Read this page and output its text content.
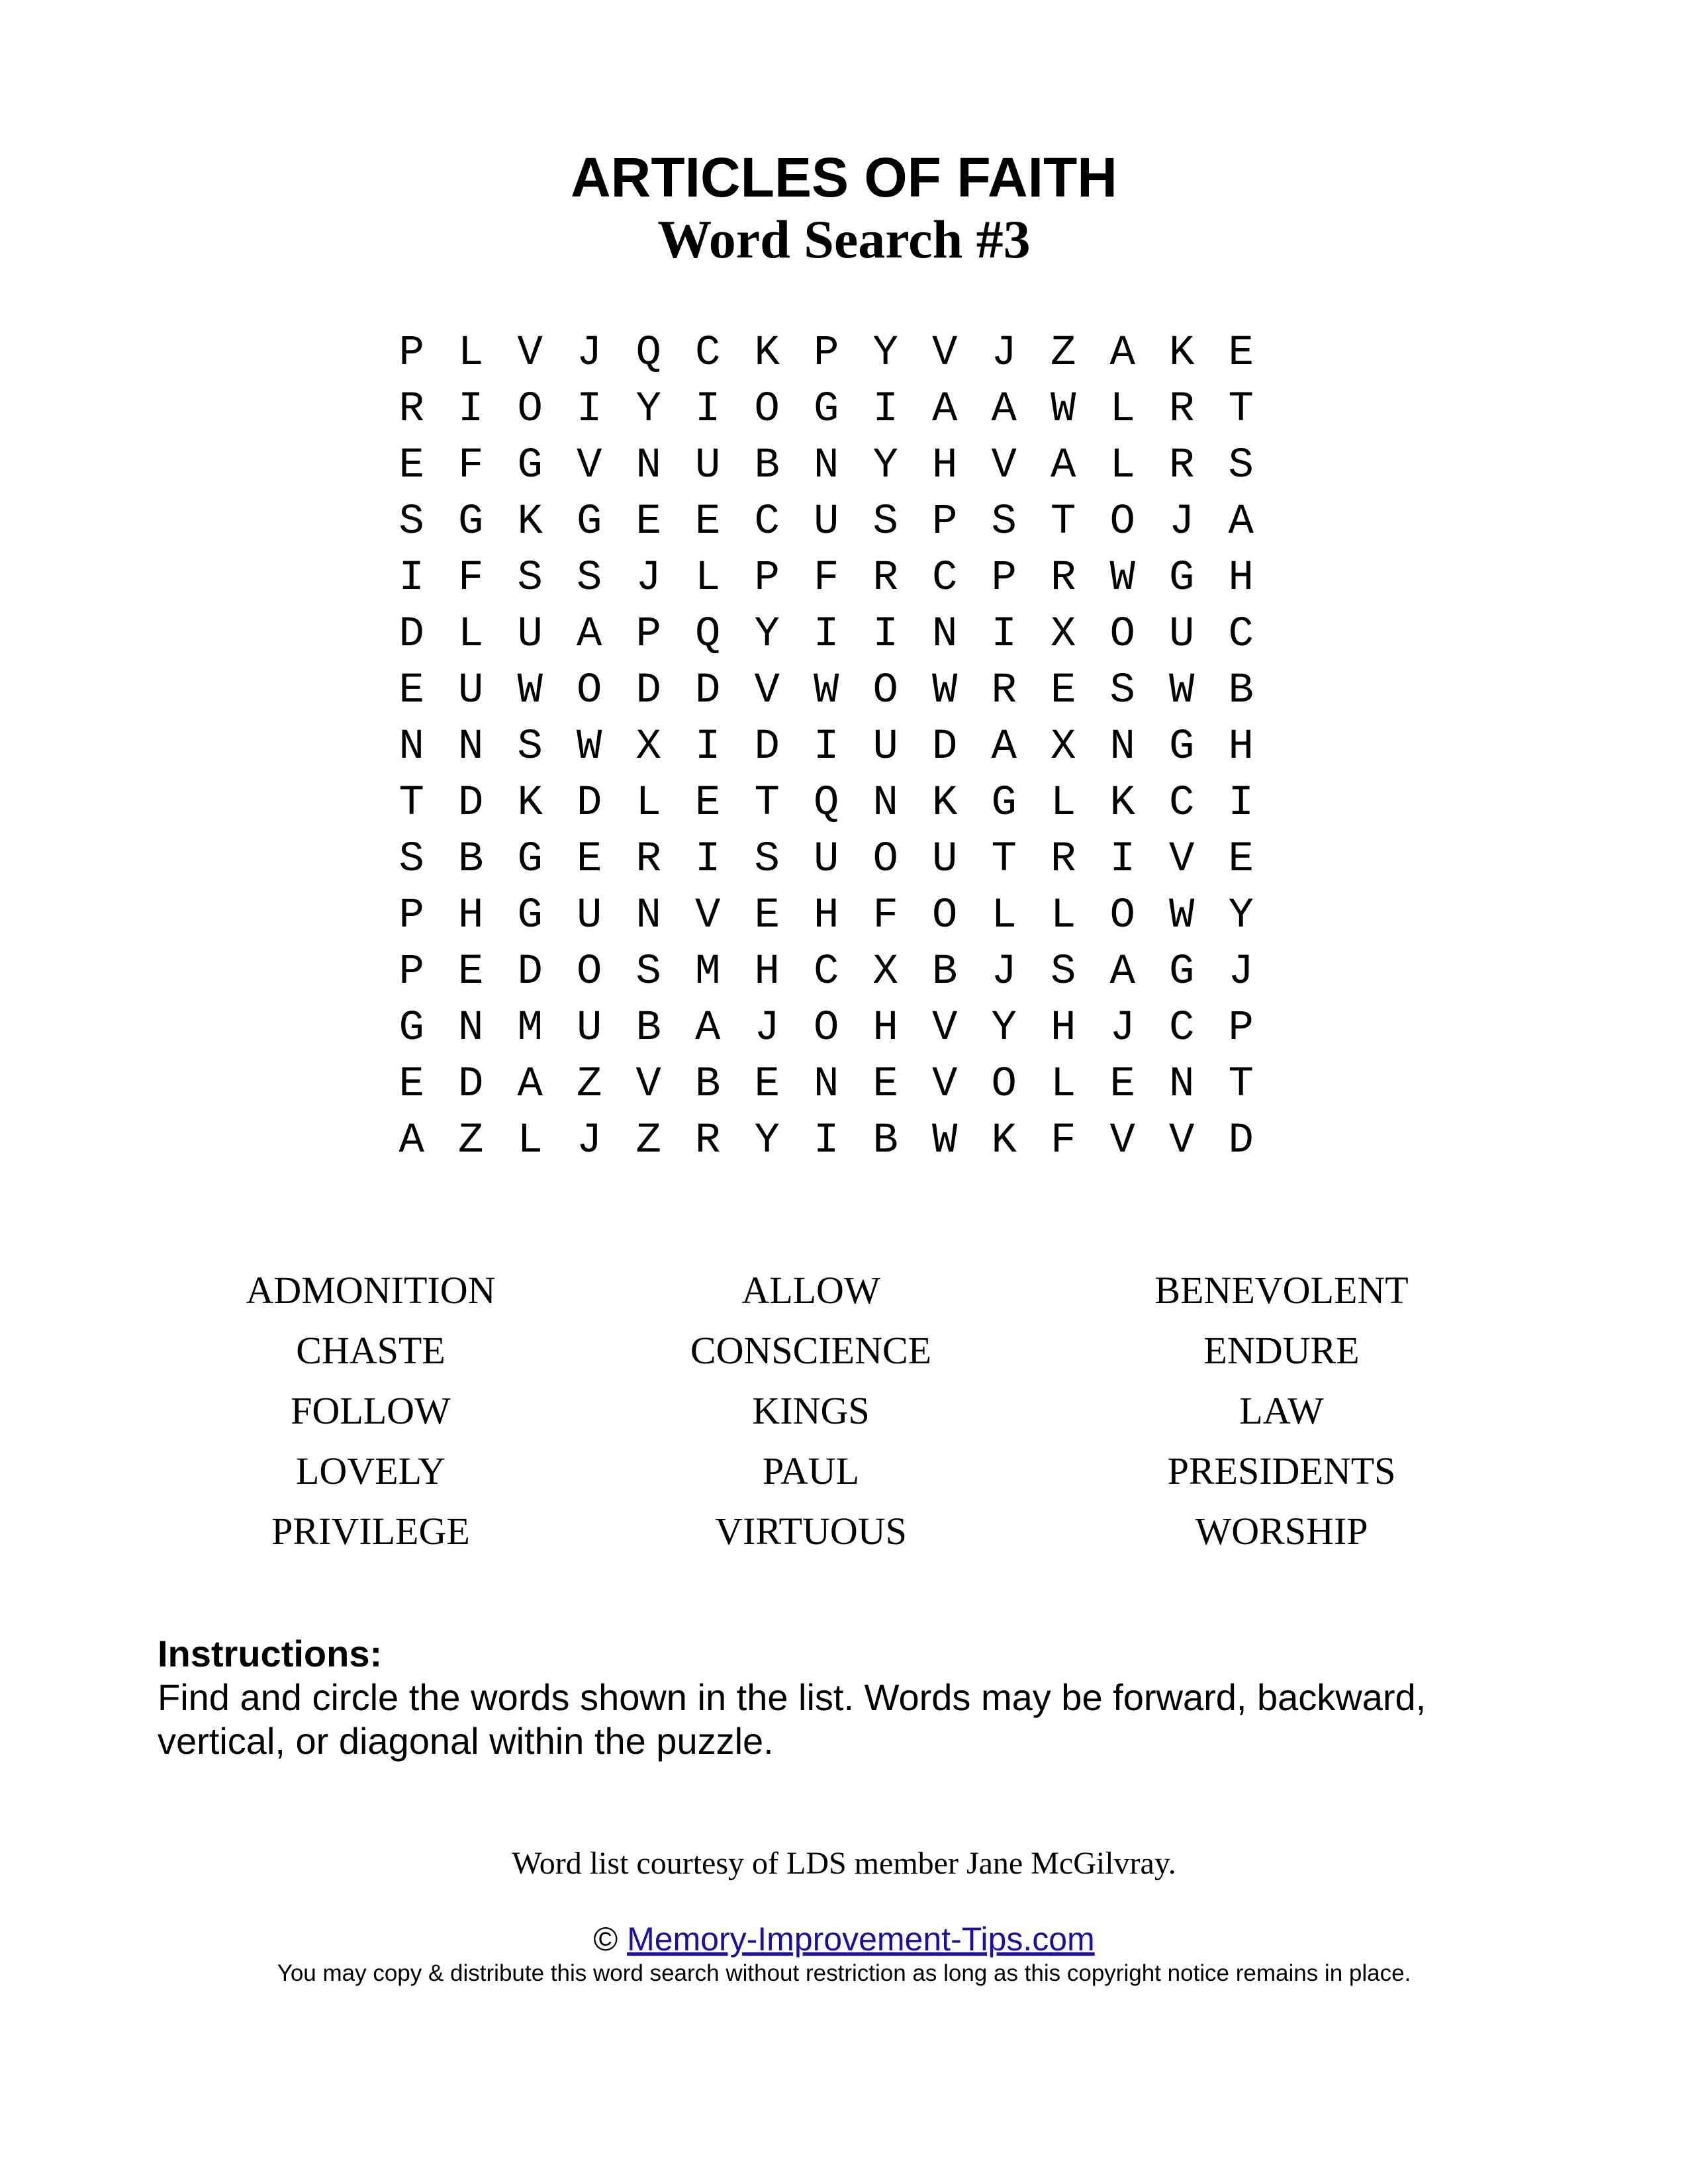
ARTICLES OF FAITH
Word Search #3
P L V J Q C K P Y V J Z A K E
R I O I Y I O G I A A W L R T
E F G V N U B N Y H V A L R S
S G K G E E C U S P S T O J A
I F S S J L P F R C P R W G H
D L U A P Q Y I I N I X O U C
E U W O D D V W O W R E S W B
N N S W X I D I U D A X N G H
T D K D L E T Q N K G L K C I
S B G E R I S U O U T R I V E
P H G U N V E H F O L L O W Y
P E D O S M H C X B J S A G J
G N M U B A J O H V Y H J C P
E D A Z V B E N E V O L E N T
A Z L J Z R Y I B W K F V V D
ADMONITION	ALLOW	BENEVOLENT
CHASTE	CONSCIENCE	ENDURE
FOLLOW	KINGS	LAW
LOVELY	PAUL	PRESIDENTS
PRIVILEGE	VIRTUOUS	WORSHIP

Instructions:

Find and circle the words shown in the list. Words may be forward, backward, vertical, or diagonal within the puzzle.

Word list courtesy of LDS member Jane McGilvray.
© Memory-Improvement-Tips.com
You may copy & distribute this word search without restriction as long as this copyright notice remains in place.
